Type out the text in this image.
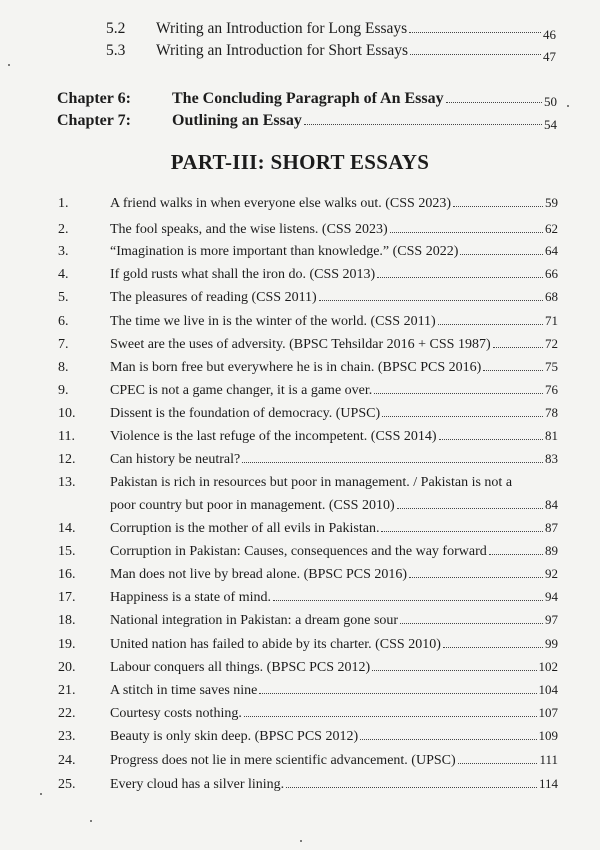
5.2	Writing an Introduction for Long Essays	46
5.3	Writing an Introduction for Short Essays	47
Chapter 6:	The Concluding Paragraph of An Essay	50
Chapter 7:	Outlining an Essay	54
PART-III: SHORT ESSAYS
1.	A friend walks in when everyone else walks out. (CSS 2023)	59
2.	The fool speaks, and the wise listens. (CSS 2023)	62
3.	“Imagination is more important than knowledge.” (CSS 2022)	64
4.	If gold rusts what shall the iron do. (CSS 2013)	66
5.	The pleasures of reading (CSS 2011)	68
6.	The time we live in is the winter of the world. (CSS 2011)	71
7.	Sweet are the uses of adversity. (BPSC Tehsildar 2016 + CSS 1987)	72
8.	Man is born free but everywhere he is in chain. (BPSC PCS 2016)	75
9.	CPEC is not a game changer, it is a game over.	76
10.	Dissent is the foundation of democracy. (UPSC)	78
11.	Violence is the last refuge of the incompetent. (CSS 2014)	81
12.	Can history be neutral?	83
13.	Pakistan is rich in resources but poor in management. / Pakistan is not a
poor country but poor in management. (CSS 2010)	84
14.	Corruption is the mother of all evils in Pakistan.	87
15.	Corruption in Pakistan: Causes, consequences and the way forward	89
16.	Man does not live by bread alone. (BPSC PCS 2016)	92
17.	Happiness is a state of mind.	94
18.	National integration in Pakistan: a dream gone sour	97
19.	United nation has failed to abide by its charter. (CSS 2010)	99
20.	Labour conquers all things. (BPSC PCS 2012)	102
21.	A stitch in time saves nine	104
22.	Courtesy costs nothing.	107
23.	Beauty is only skin deep. (BPSC PCS 2012)	109
24.	Progress does not lie in mere scientific advancement. (UPSC)	111
25.	Every cloud has a silver lining.	114
